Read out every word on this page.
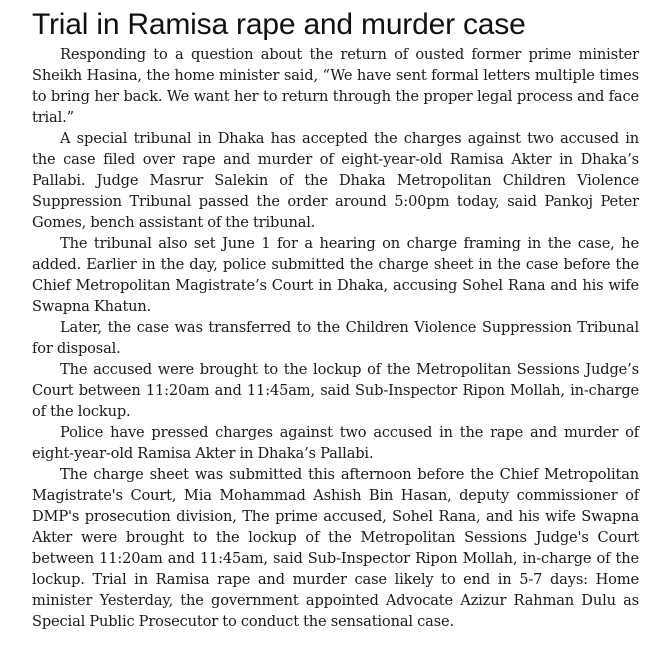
Trial in Ramisa rape and murder case

Responding to a question about the return of ousted former prime minister Sheikh Hasina, the home minister said, “We have sent formal letters multiple times to bring her back. We want her to return through the proper legal process and face trial.”

A special tribunal in Dhaka has accepted the charges against two accused in the case filed over rape and murder of eight-year-old Ramisa Akter in Dhaka’s Pallabi. Judge Masrur Salekin of the Dhaka Metropolitan Children Violence Suppression Tribunal passed the order around 5:00pm today, said Pankoj Peter Gomes, bench assistant of the tribunal.

The tribunal also set June 1 for a hearing on charge framing in the case, he added. Earlier in the day, police submitted the charge sheet in the case before the Chief Metropolitan Magistrate’s Court in Dhaka, accusing Sohel Rana and his wife Swapna Khatun.

Later, the case was transferred to the Children Violence Suppression Tribunal for disposal.

The accused were brought to the lockup of the Metropolitan Sessions Judge’s Court between 11:20am and 11:45am, said Sub-Inspector Ripon Mollah, in-charge of the lockup.

Police have pressed charges against two accused in the rape and murder of eight-year-old Ramisa Akter in Dhaka’s Pallabi.

The charge sheet was submitted this afternoon before the Chief Metropolitan Magistrate's Court, Mia Mohammad Ashish Bin Hasan, deputy commissioner of DMP's prosecution division, The prime accused, Sohel Rana, and his wife Swapna Akter were brought to the lockup of the Metropolitan Sessions Judge's Court between 11:20am and 11:45am, said Sub-Inspector Ripon Mollah, in-charge of the lockup. Trial in Ramisa rape and murder case likely to end in 5-7 days: Home minister Yesterday, the government appointed Advocate Azizur Rahman Dulu as Special Public Prosecutor to conduct the sensational case.
